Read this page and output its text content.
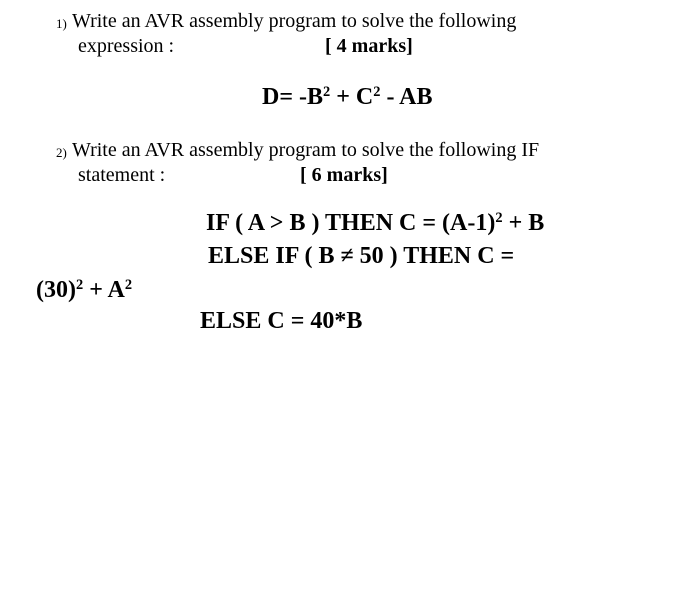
1) Write an AVR assembly program to solve the following
expression :	[ 4 marks]
$D= -B^2 + C^2$ - AB
2) Write an AVR assembly program to solve the following IF
statement :	[ 6 marks]
IF ( A > B ) THEN $C = (A-1)^2 + B$
ELSE IF ( B ≠ 50 ) THEN C =
$(30)^2 + A^2$
ELSE C = 40*B
